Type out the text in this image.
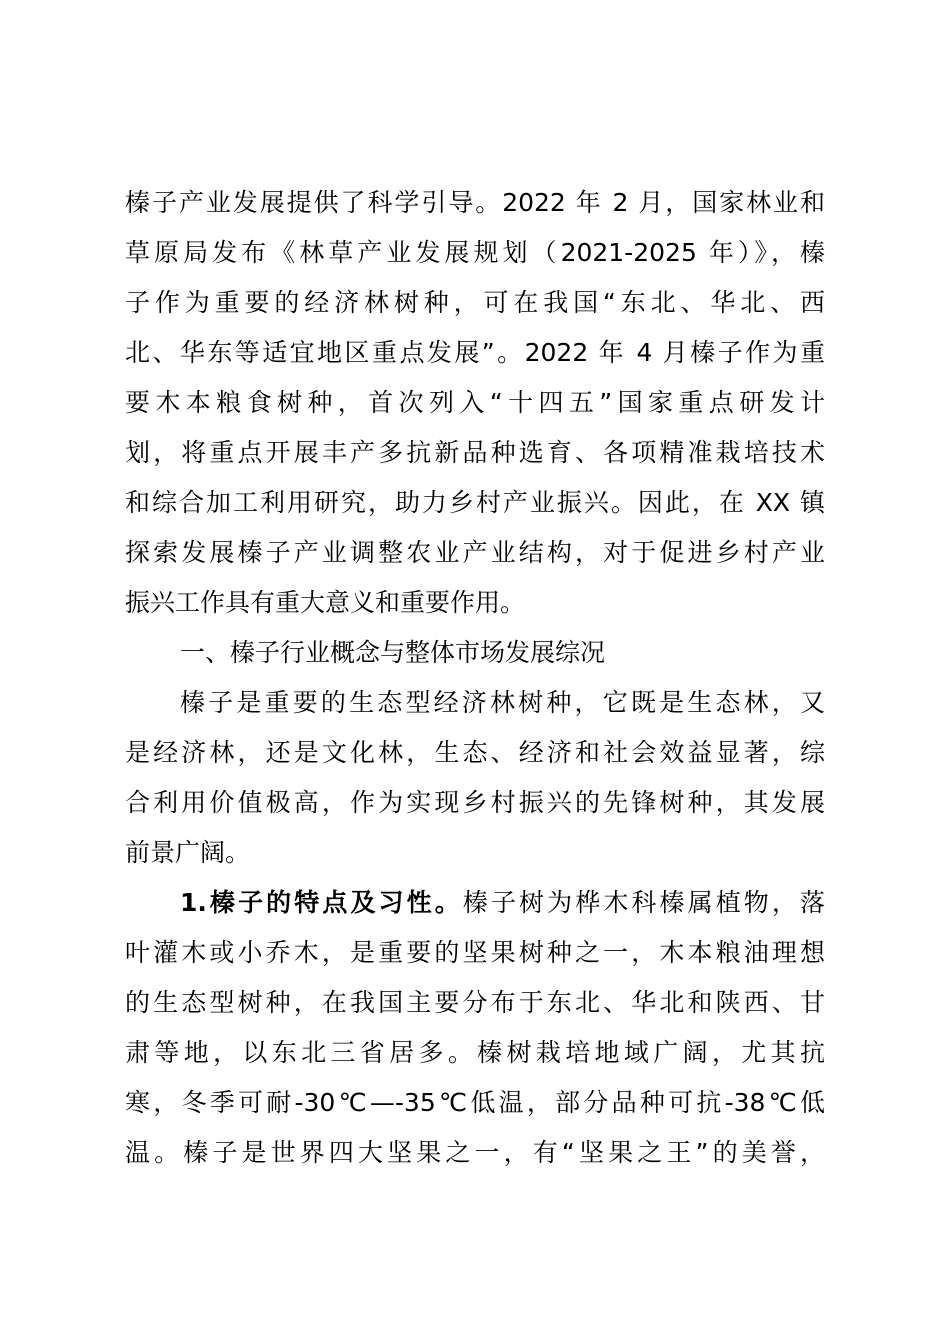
榛子产业发展提供了科学引导。2022 年 2 月，国家林业和
草原局发布《林草产业发展规划（2021-2025 年）》，榛
子作为重要的经济林树种，可在我国“东北、华北、西
北、华东等适宜地区重点发展”。2022 年 4 月榛子作为重
要木本粮食树种，首次列入“十四五”国家重点研发计
划，将重点开展丰产多抗新品种选育、各项精准栽培技术
和综合加工利用研究，助力乡村产业振兴。因此，在 XX 镇
探索发展榛子产业调整农业产业结构，对于促进乡村产业
振兴工作具有重大意义和重要作用。
一、榛子行业概念与整体市场发展综况
榛子是重要的生态型经济林树种，它既是生态林，又
是经济林，还是文化林，生态、经济和社会效益显著，综
合利用价值极高，作为实现乡村振兴的先锋树种，其发展
前景广阔。
1.榛子的特点及习性。榛子树为桦木科榛属植物，落
叶灌木或小乔木，是重要的坚果树种之一，木本粮油理想
的生态型树种，在我国主要分布于东北、华北和陕西、甘
肃等地，以东北三省居多。榛树栽培地域广阔，尤其抗
寒，冬季可耐-30℃—-35℃低温，部分品种可抗-38℃低
温。榛子是世界四大坚果之一，有“坚果之王”的美誉，
